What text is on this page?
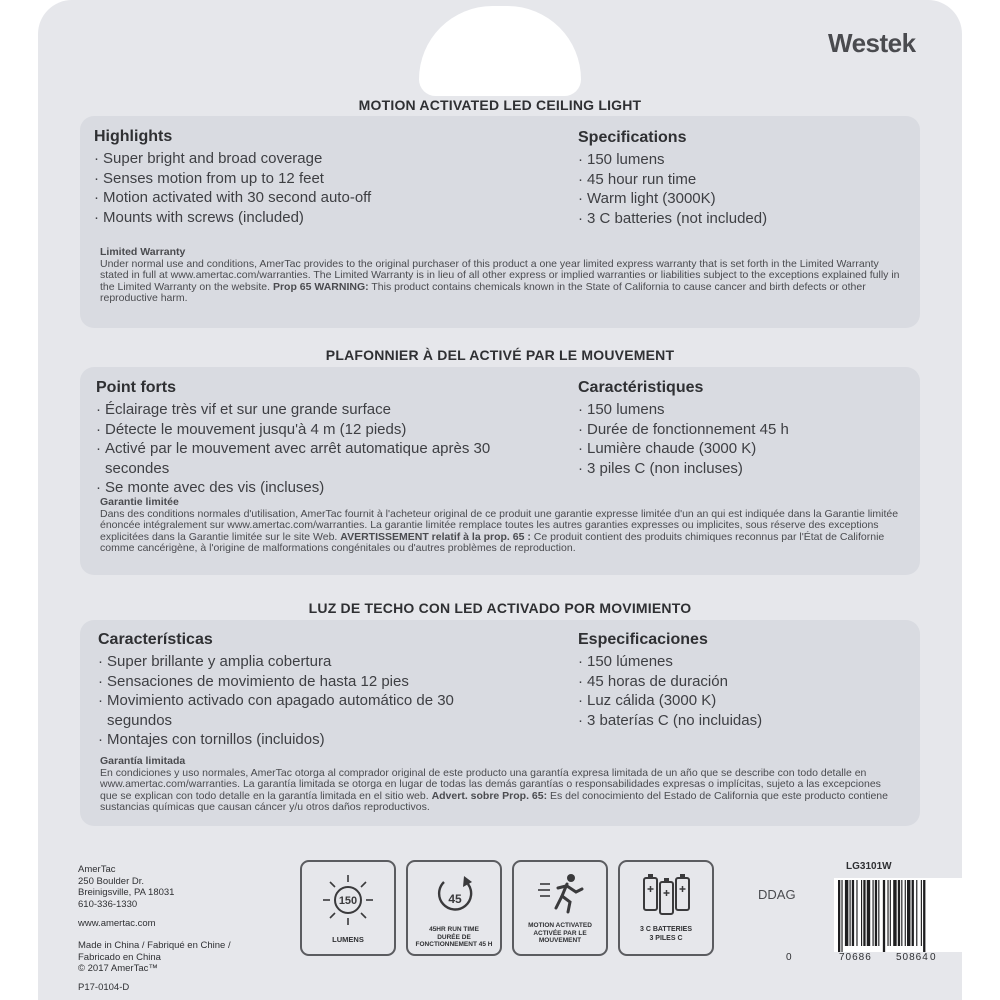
Westek
MOTION ACTIVATED LED CEILING LIGHT
Highlights
· Super bright and broad coverage
· Senses motion from up to 12 feet
· Motion activated with 30 second auto-off
· Mounts with screws (included)
Specifications
· 150 lumens
· 45 hour run time
· Warm light (3000K)
· 3 C batteries (not included)
Limited Warranty
Under normal use and conditions, AmerTac provides to the original purchaser of this product a one year limited express warranty that is set forth in the Limited Warranty stated in full at www.amertac.com/warranties. The Limited Warranty is in lieu of all other express or implied warranties or liabilities subject to the exceptions explained fully in the Limited Warranty on the website. Prop 65 WARNING: This product contains chemicals known in the State of California to cause cancer and birth defects or other reproductive harm.
PLAFONNIER À DEL ACTIVÉ PAR LE MOUVEMENT
Point forts
· Éclairage très vif et sur une grande surface
· Détecte le mouvement jusqu'à 4 m (12 pieds)
· Activé par le mouvement avec arrêt automatique après 30 secondes
· Se monte avec des vis (incluses)
Caractéristiques
· 150 lumens
· Durée de fonctionnement 45 h
· Lumière chaude (3000 K)
· 3 piles C (non incluses)
Garantie limitée
Dans des conditions normales d'utilisation, AmerTac fournit à l'acheteur original de ce produit une garantie expresse limitée d'un an qui est indiquée dans la Garantie limitée énoncée intégralement sur www.amertac.com/warranties. La garantie limitée remplace toutes les autres garanties expresses ou implicites, sous réserve des exceptions explicitées dans la Garantie limitée sur le site Web. AVERTISSEMENT relatif à la prop. 65 : Ce produit contient des produits chimiques reconnus par l'État de Californie comme cancérigène, à l'origine de malformations congénitales ou d'autres problèmes de reproduction.
LUZ DE TECHO CON LED ACTIVADO POR MOVIMIENTO
Características
· Super brillante y amplia cobertura
· Sensaciones de movimiento de hasta 12 pies
· Movimiento activado con apagado automático de 30 segundos
· Montajes con tornillos (incluidos)
Especificaciones
· 150 lúmenes
· 45 horas de duración
· Luz cálida (3000 K)
· 3 baterías C (no incluidas)
Garantía limitada
En condiciones y uso normales, AmerTac otorga al comprador original de este producto una garantía expresa limitada de un año que se describe con todo detalle en www.amertac.com/warranties. La garantía limitada se otorga en lugar de todas las demás garantías o responsabilidades expresas o implícitas, sujeto a las excepciones que se explican con todo detalle en la garantía limitada en el sitio web. Advert. sobre Prop. 65: Es del conocimiento del Estado de California que este producto contiene sustancias químicas que causan cáncer y/u otros daños reproductivos.
AmerTac
250 Boulder Dr.
Breinigsville, PA 18031
610-336-1330
www.amertac.com
Made in China / Fabriqué en Chine /
Fabricado en China
© 2017 AmerTac™
P17-0104-D
150
LUMENS
45
45HR RUN TIME
DURÉE DE FONCTIONNEMENT 45 H
MOTION ACTIVATED
ACTIVÉE PAR LE MOUVEMENT
3 C BATTERIES
3 PILES C
DDAG
LG3101W
0	70686 50864 0
